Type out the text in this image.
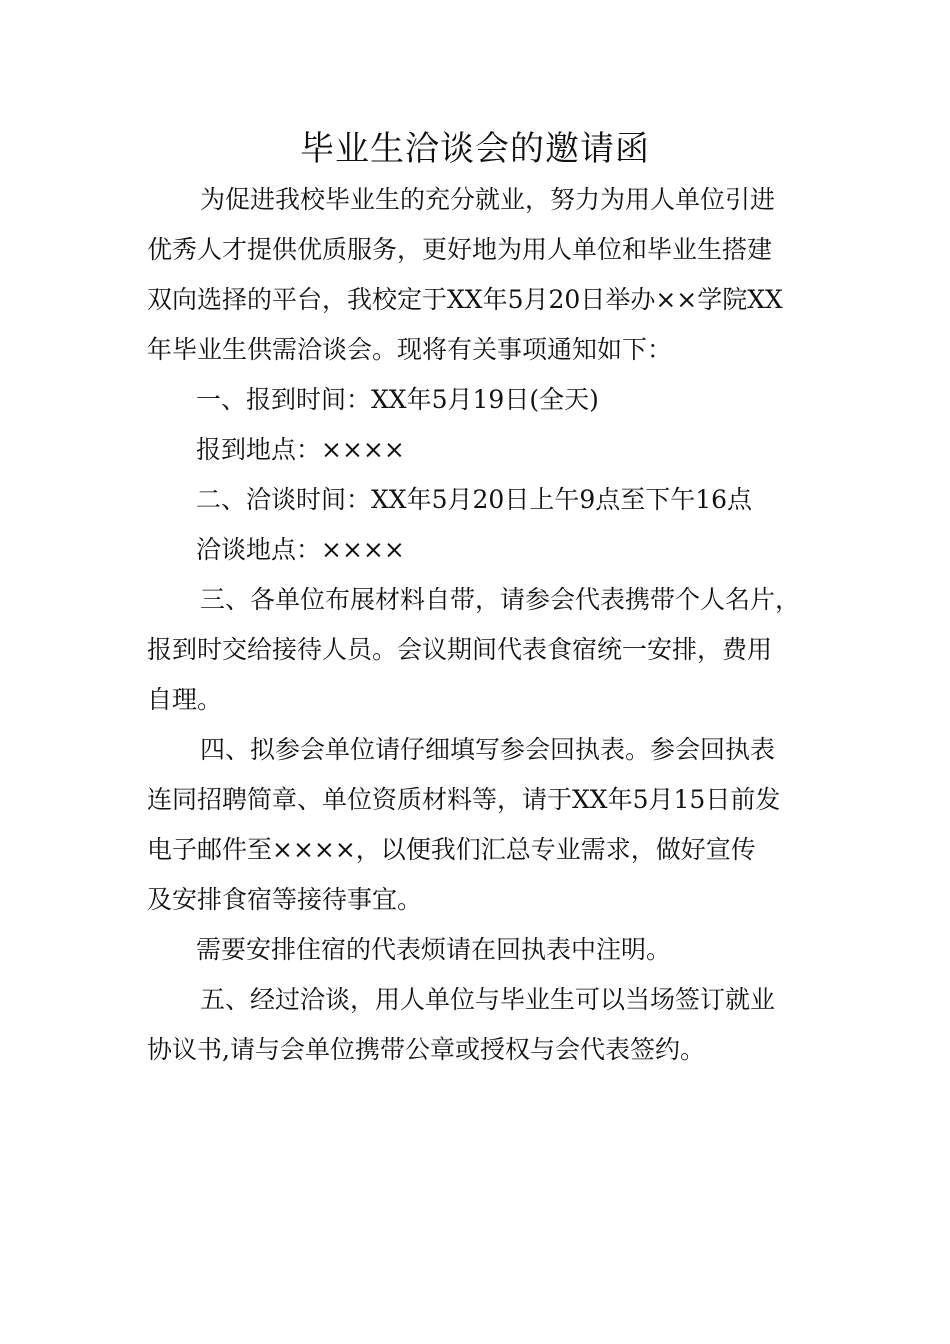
毕业生洽谈会的邀请函
为促进我校毕业生的充分就业，努力为用人单位引进
优秀人才提供优质服务，更好地为用人单位和毕业生搭建
双向选择的平台，我校定于XX年5月20日举办××学院XX
年毕业生供需洽谈会。现将有关事项通知如下：
一、报到时间：XX年5月19日(全天)
报到地点：××××
二、洽谈时间：XX年5月20日上午9点至下午16点
洽谈地点：××××
三、各单位布展材料自带，请参会代表携带个人名片，
报到时交给接待人员。会议期间代表食宿统一安排，费用
自理。
四、拟参会单位请仔细填写参会回执表。参会回执表
连同招聘简章、单位资质材料等，请于XX年5月15日前发
电子邮件至××××，以便我们汇总专业需求，做好宣传
及安排食宿等接待事宜。
需要安排住宿的代表烦请在回执表中注明。
五、经过洽谈，用人单位与毕业生可以当场签订就业
协议书,请与会单位携带公章或授权与会代表签约。
